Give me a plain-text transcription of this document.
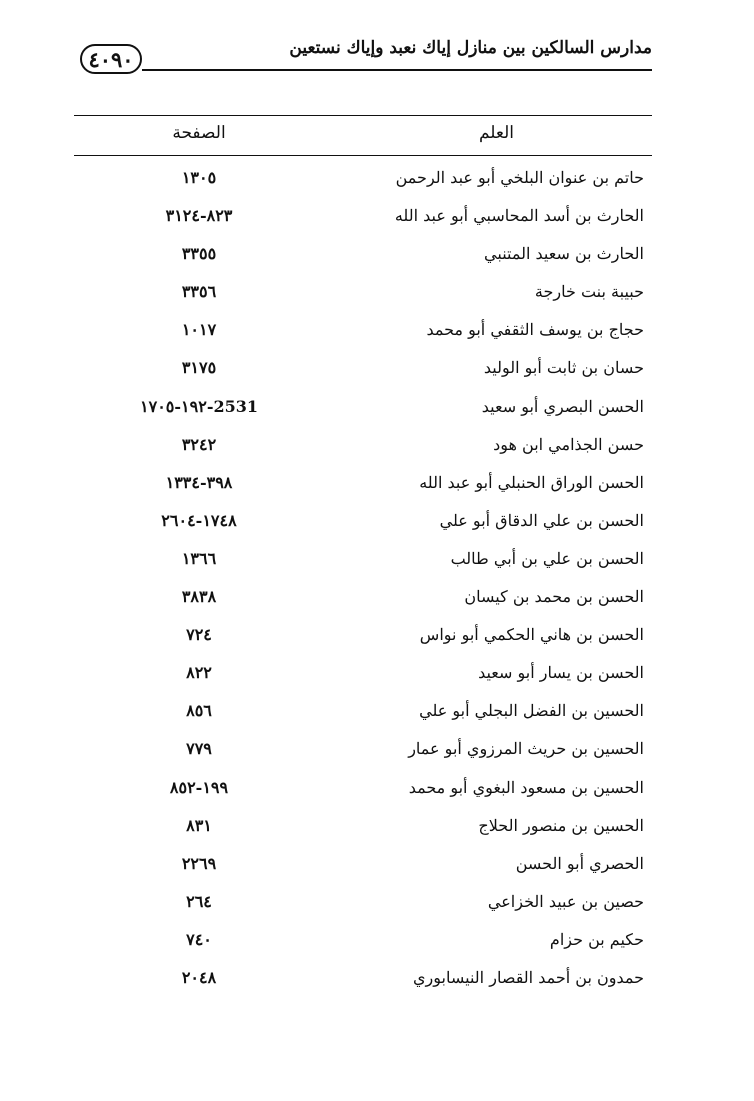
مدارس السالكين بين منازل إياك نعبد وإياك نستعين
٤٠٩٠
الصفحة	العلم
حاتم بن عنوان البلخي أبو عبد الرحمن
١٣٠٥
الحارث بن أسد المحاسبي أبو عبد الله
٨٢٣-٣١٢٤
الحارث بن سعيد المتنبي
٣٣٥٥
حبيبة بنت خارجة
٣٣٥٦
حجاج بن يوسف الثقفي أبو محمد
١٠١٧
حسان بن ثابت أبو الوليد
٣١٧٥
الحسن البصري أبو سعيد
١٩٢-١٧٠٥-2531
حسن الجذامي ابن هود
٣٢٤٢
الحسن الوراق الحنبلي أبو عبد الله
٣٩٨-١٣٣٤
الحسن بن علي الدقاق أبو علي
١٧٤٨-٢٦٠٤
الحسن بن علي بن أبي طالب
١٣٦٦
الحسن بن محمد بن كيسان
٣٨٣٨
الحسن بن هاني الحكمي أبو نواس
٧٢٤
الحسن بن يسار أبو سعيد
٨٢٢
الحسين بن الفضل البجلي أبو علي
٨٥٦
الحسين بن حريث المرزوي أبو عمار
٧٧٩
الحسين بن مسعود البغوي أبو محمد
١٩٩-٨٥٢
الحسين بن منصور الحلاج
٨٣١
الحصري أبو الحسن
٢٢٦٩
حصين بن عبيد الخزاعي
٢٦٤
حكيم بن حزام
٧٤٠
حمدون بن أحمد القصار النيسابوري
٢٠٤٨
